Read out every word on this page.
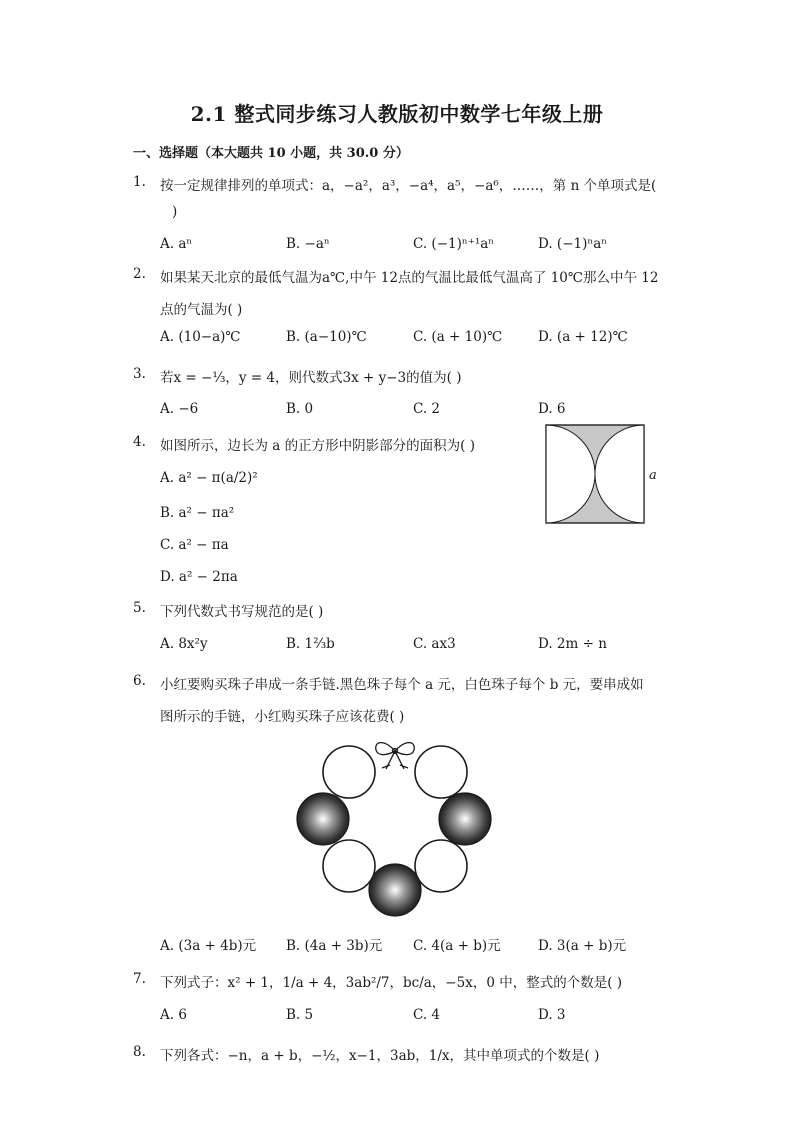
2.1 整式同步练习人教版初中数学七年级上册
一、选择题（本大题共 10 小题，共 30.0 分）
1. 按一定规律排列的单项式：a，−a²，a³，−a⁴，a⁵，−a⁶，……，第 n 个单项式是(
)
A. aⁿ	B. −aⁿ	C. (−1)ⁿ⁺¹aⁿ	D. (−1)ⁿaⁿ
2. 如果某天北京的最低气温为a℃,中午 12点的气温比最低气温高了 10℃那么中午 12
点的气温为( )
A. (10−a)℃	B. (a−10)℃	C. (a + 10)℃	D. (a + 12)℃
3. 若x = −⅓，y = 4，则代数式3x + y−3的值为( )
A. −6	B. 0	C. 2	D. 6
4. 如图所示，边长为 a 的正方形中阴影部分的面积为( )
A. a² − π(a/2)²
B. a² − πa²
C. a² − πa
D. a² − 2πa
a
5. 下列代数式书写规范的是( )
A. 8x²y	B. 1⅔b	C. ax3	D. 2m ÷ n
6. 小红要购买珠子串成一条手链.黑色珠子每个 a 元，白色珠子每个 b 元，要串成如
图所示的手链，小红购买珠子应该花费( )
A. (3a + 4b)元 B. (4a + 3b)元 C. 4(a + b)元	D. 3(a + b)元
7. 下列式子：x² + 1，1/a + 4，3ab²/7，bc/a，−5x，0 中，整式的个数是( )
A. 6	B. 5	C. 4	D. 3
8. 下列各式：−n，a + b，−½，x−1，3ab，1/x，其中单项式的个数是( )
